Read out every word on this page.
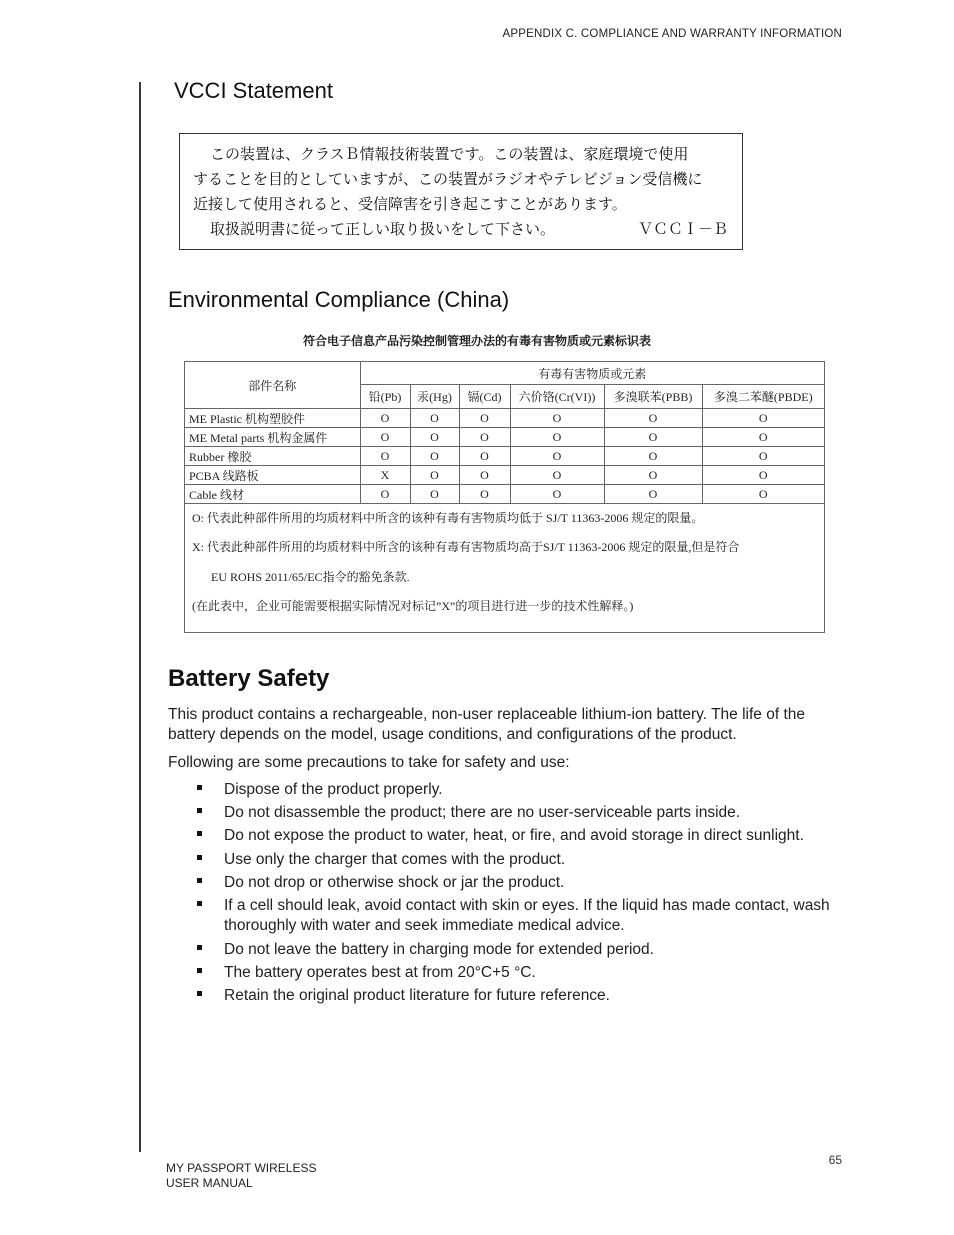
APPENDIX C. COMPLIANCE AND WARRANTY INFORMATION
VCCI Statement
この装置は、クラスＢ情報技術装置です。この装置は、家庭環境で使用
することを目的としていますが、この装置がラジオやテレビジョン受信機に
近接して使用されると、受信障害を引き起こすことがあります。
取扱説明書に従って正しい取り扱いをして下さい。	ＶＣＣＩ－Ｂ
Environmental Compliance (China)
符合电子信息产品污染控制管理办法的有毒有害物质或元素标识表
部件名称	有毒有害物质或元素					
	铅(Pb)	汞(Hg)	镉(Cd)	六价铬(Cr(VI))	多溴联苯(PBB)	多溴二苯醚(PBDE)
ME Plastic 机构塑胶件	O	O	O	O	O	O
ME Metal parts 机构金属件	O	O	O	O	O	O
Rubber 橡胶	O	O	O	O	O	O
PCBA 线路板	X	O	O	O	O	O
Cable 线材	O	O	O	O	O	O
O: 代表此种部件所用的均质材料中所含的该种有毒有害物质均低于 SJ/T 11363-2006 规定的限量。
X: 代表此种部件所用的均质材料中所含的该种有毒有害物质均高于SJ/T 11363-2006 规定的限量,但是符合
EU ROHS 2011/65/EC指令的豁免条款.
(在此表中，企业可能需要根据实际情况对标记”X”的项目进行进一步的技术性解释。)
Battery Safety
This product contains a rechargeable, non-user replaceable lithium-ion battery. The life of the battery depends on the model, usage conditions, and configurations of the product.
Following are some precautions to take for safety and use:
Dispose of the product properly.
Do not disassemble the product; there are no user-serviceable parts inside.
Do not expose the product to water, heat, or fire, and avoid storage in direct sunlight.
Use only the charger that comes with the product.
Do not drop or otherwise shock or jar the product.
If a cell should leak, avoid contact with skin or eyes. If the liquid has made contact, wash thoroughly with water and seek immediate medical advice.
Do not leave the battery in charging mode for extended period.
The battery operates best at from 20°C+5 °C.
Retain the original product literature for future reference.
MY PASSPORT WIRELESS
USER MANUAL
65
